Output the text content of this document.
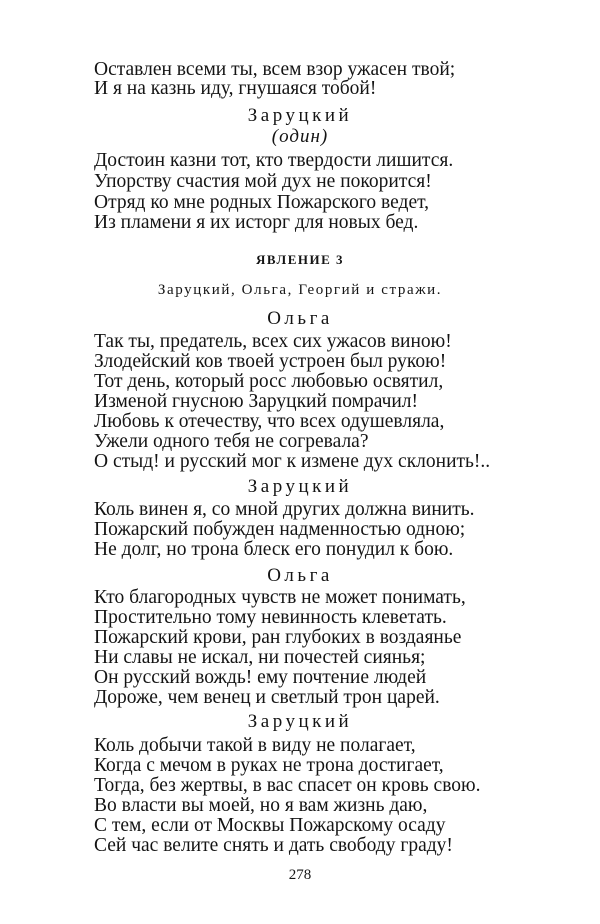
Оставлен всеми ты, всем взор ужасен твой;
И я на казнь иду, гнушаяся тобой!
Заруцкий
(один)
Достоин казни тот, кто твердости лишится.
Упорству счастия мой дух не покорится!
Отряд ко мне родных Пожарского ведет,
Из пламени я их исторг для новых бед.
ЯВЛЕНИЕ 3
Заруцкий, Ольга, Георгий и стражи.
Ольга
Так ты, предатель, всех сих ужасов виною!
Злодейский ков твоей устроен был рукою!
Тот день, который росс любовью освятил,
Изменой гнусною Заруцкий помрачил!
Любовь к отечеству, что всех одушевляла,
Ужели одного тебя не согревала?
О стыд! и русский мог к измене дух склонить!..
Заруцкий
Коль винен я, со мной других должна винить.
Пожарский побужден надменностью одною;
Не долг, но трона блеск его понудил к бою.
Ольга
Кто благородных чувств не может понимать,
Простительно тому невинность клеветать.
Пожарский крови, ран глубоких в воздаянье
Ни славы не искал, ни почестей сиянья;
Он русский вождь! ему почтение людей
Дороже, чем венец и светлый трон царей.
Заруцкий
Коль добычи такой в виду не полагает,
Когда с мечом в руках не трона достигает,
Тогда, без жертвы, в вас спасет он кровь свою.
Во власти вы моей, но я вам жизнь даю,
С тем, если от Москвы Пожарскому осаду
Сей час велите снять и дать свободу граду!
278
